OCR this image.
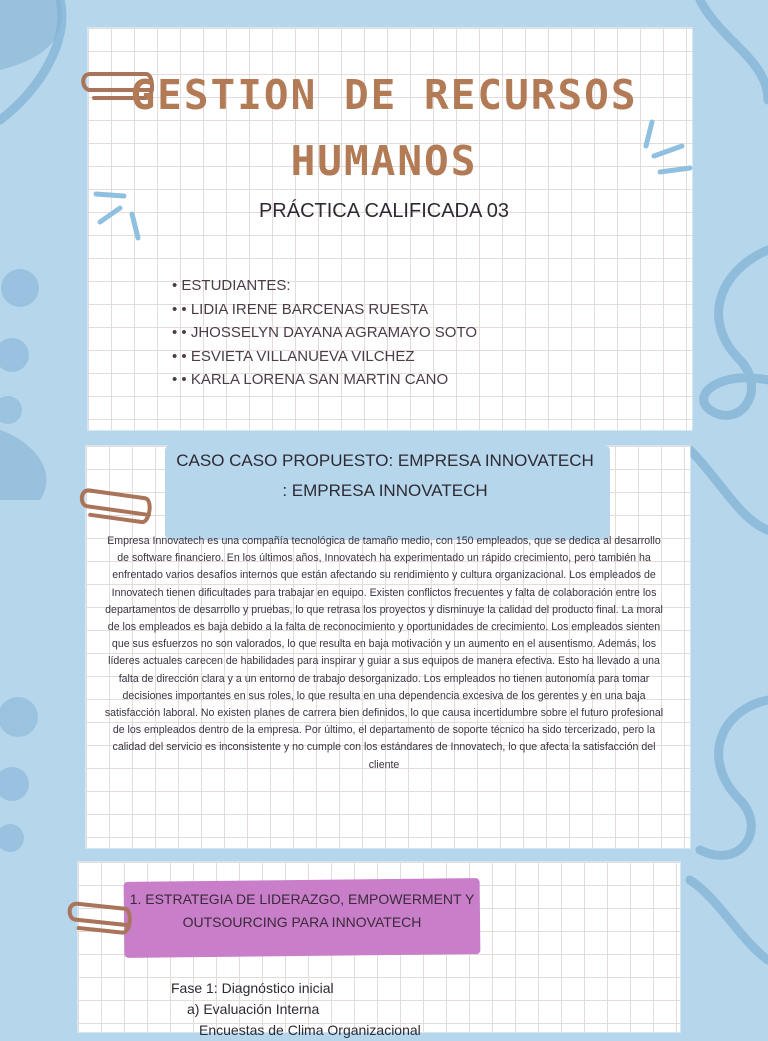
GESTION DE RECURSOS
HUMANOS
PRÁCTICA CALIFICADA 03
• ESTUDIANTES:
• • LIDIA IRENE BARCENAS RUESTA
• • JHOSSELYN DAYANA AGRAMAYO SOTO
• • ESVIETA VILLANUEVA VILCHEZ
• • KARLA LORENA SAN MARTIN CANO
CASO CASO PROPUESTO: EMPRESA INNOVATECH
: EMPRESA INNOVATECH

Empresa Innovatech es una compañía tecnológica de tamaño medio, con 150 empleados, que se dedica al desarrollo de software financiero. En los últimos años, Innovatech ha experimentado un rápido crecimiento, pero también ha enfrentado varios desafíos internos que están afectando su rendimiento y cultura organizacional. Los empleados de Innovatech tienen dificultades para trabajar en equipo. Existen conflictos frecuentes y falta de colaboración entre los departamentos de desarrollo y pruebas, lo que retrasa los proyectos y disminuye la calidad del producto final. La moral de los empleados es baja debido a la falta de reconocimiento y oportunidades de crecimiento. Los empleados sienten que sus esfuerzos no son valorados, lo que resulta en baja motivación y un aumento en el ausentismo. Además, los líderes actuales carecen de habilidades para inspirar y guiar a sus equipos de manera efectiva. Esto ha llevado a una falta de dirección clara y a un entorno de trabajo desorganizado. Los empleados no tienen autonomía para tomar decisiones importantes en sus roles, lo que resulta en una dependencia excesiva de los gerentes y en una baja satisfacción laboral. No existen planes de carrera bien definidos, lo que causa incertidumbre sobre el futuro profesional de los empleados dentro de la empresa. Por último, el departamento de soporte técnico ha sido tercerizado, pero la calidad del servicio es inconsistente y no cumple con los estándares de Innovatech, lo que afecta la satisfacción del cliente

1. ESTRATEGIA DE LIDERAZGO, EMPOWERMENT Y
OUTSOURCING PARA INNOVATECH
Fase 1: Diagnóstico inicial
a) Evaluación Interna
Encuestas de Clima Organizacional
